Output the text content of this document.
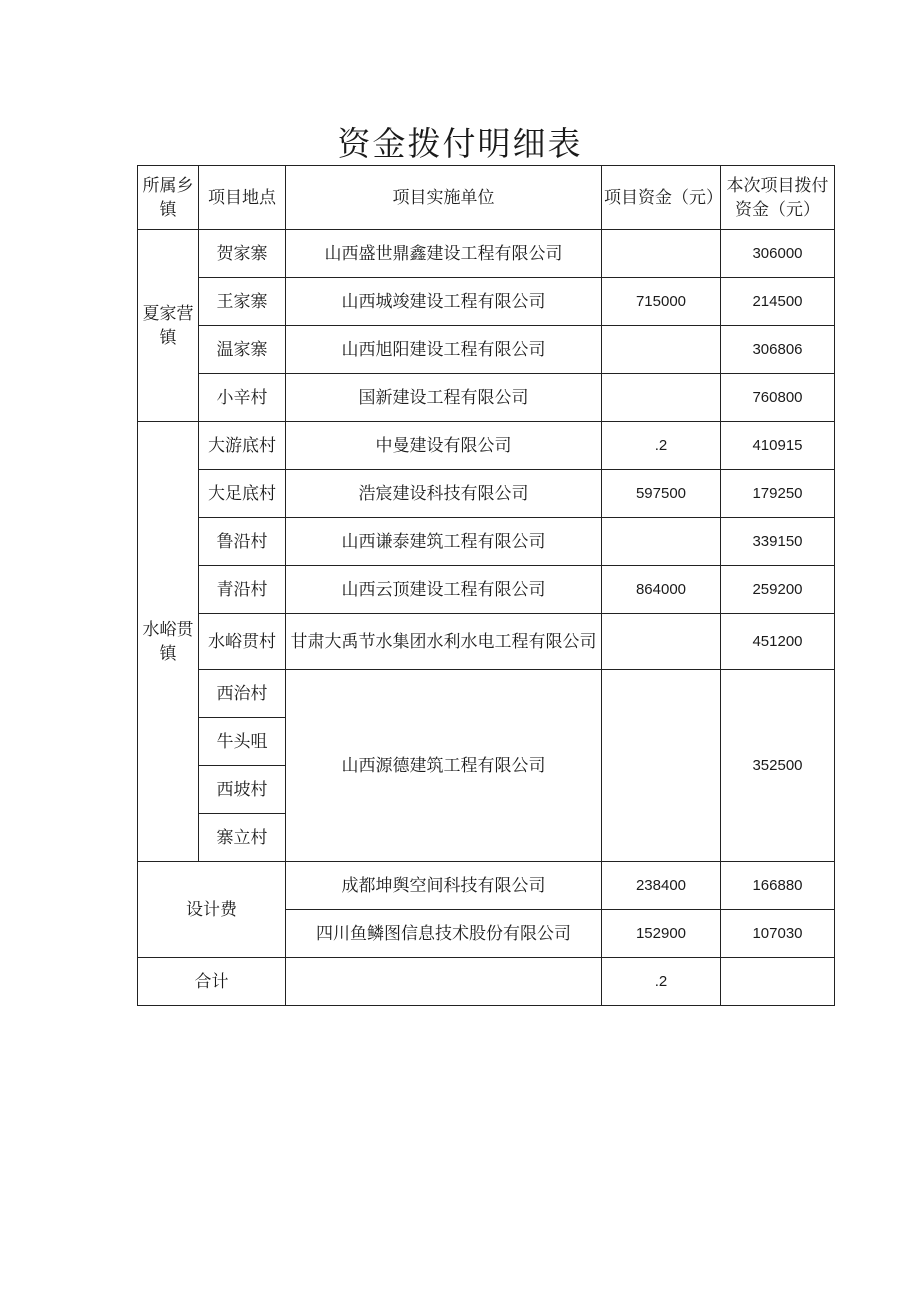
资金拨付明细表
所属乡镇	项目地点	项目实施单位	项目资金（元）	本次项目拨付资金（元）
夏家营镇	贺家寨	山西盛世鼎鑫建设工程有限公司		306000
	王家寨	山西城竣建设工程有限公司	715000	214500
	温家寨	山西旭阳建设工程有限公司		306806
	小辛村	国新建设工程有限公司		760800
水峪贯镇	大游底村	中曼建设有限公司	.2	410915
	大足底村	浩宸建设科技有限公司	597500	179250
	鲁沿村	山西谦泰建筑工程有限公司		339150
	青沿村	山西云顶建设工程有限公司	864000	259200
	水峪贯村	甘肃大禹节水集团水利水电工程有限公司		451200
	西治村	山西源德建筑工程有限公司		352500
	牛头咀			
	西坡村			
	寨立村			
设计费		成都坤舆空间科技有限公司	238400	166880
		四川鱼鳞图信息技术股份有限公司	152900	107030
合计			.2	
